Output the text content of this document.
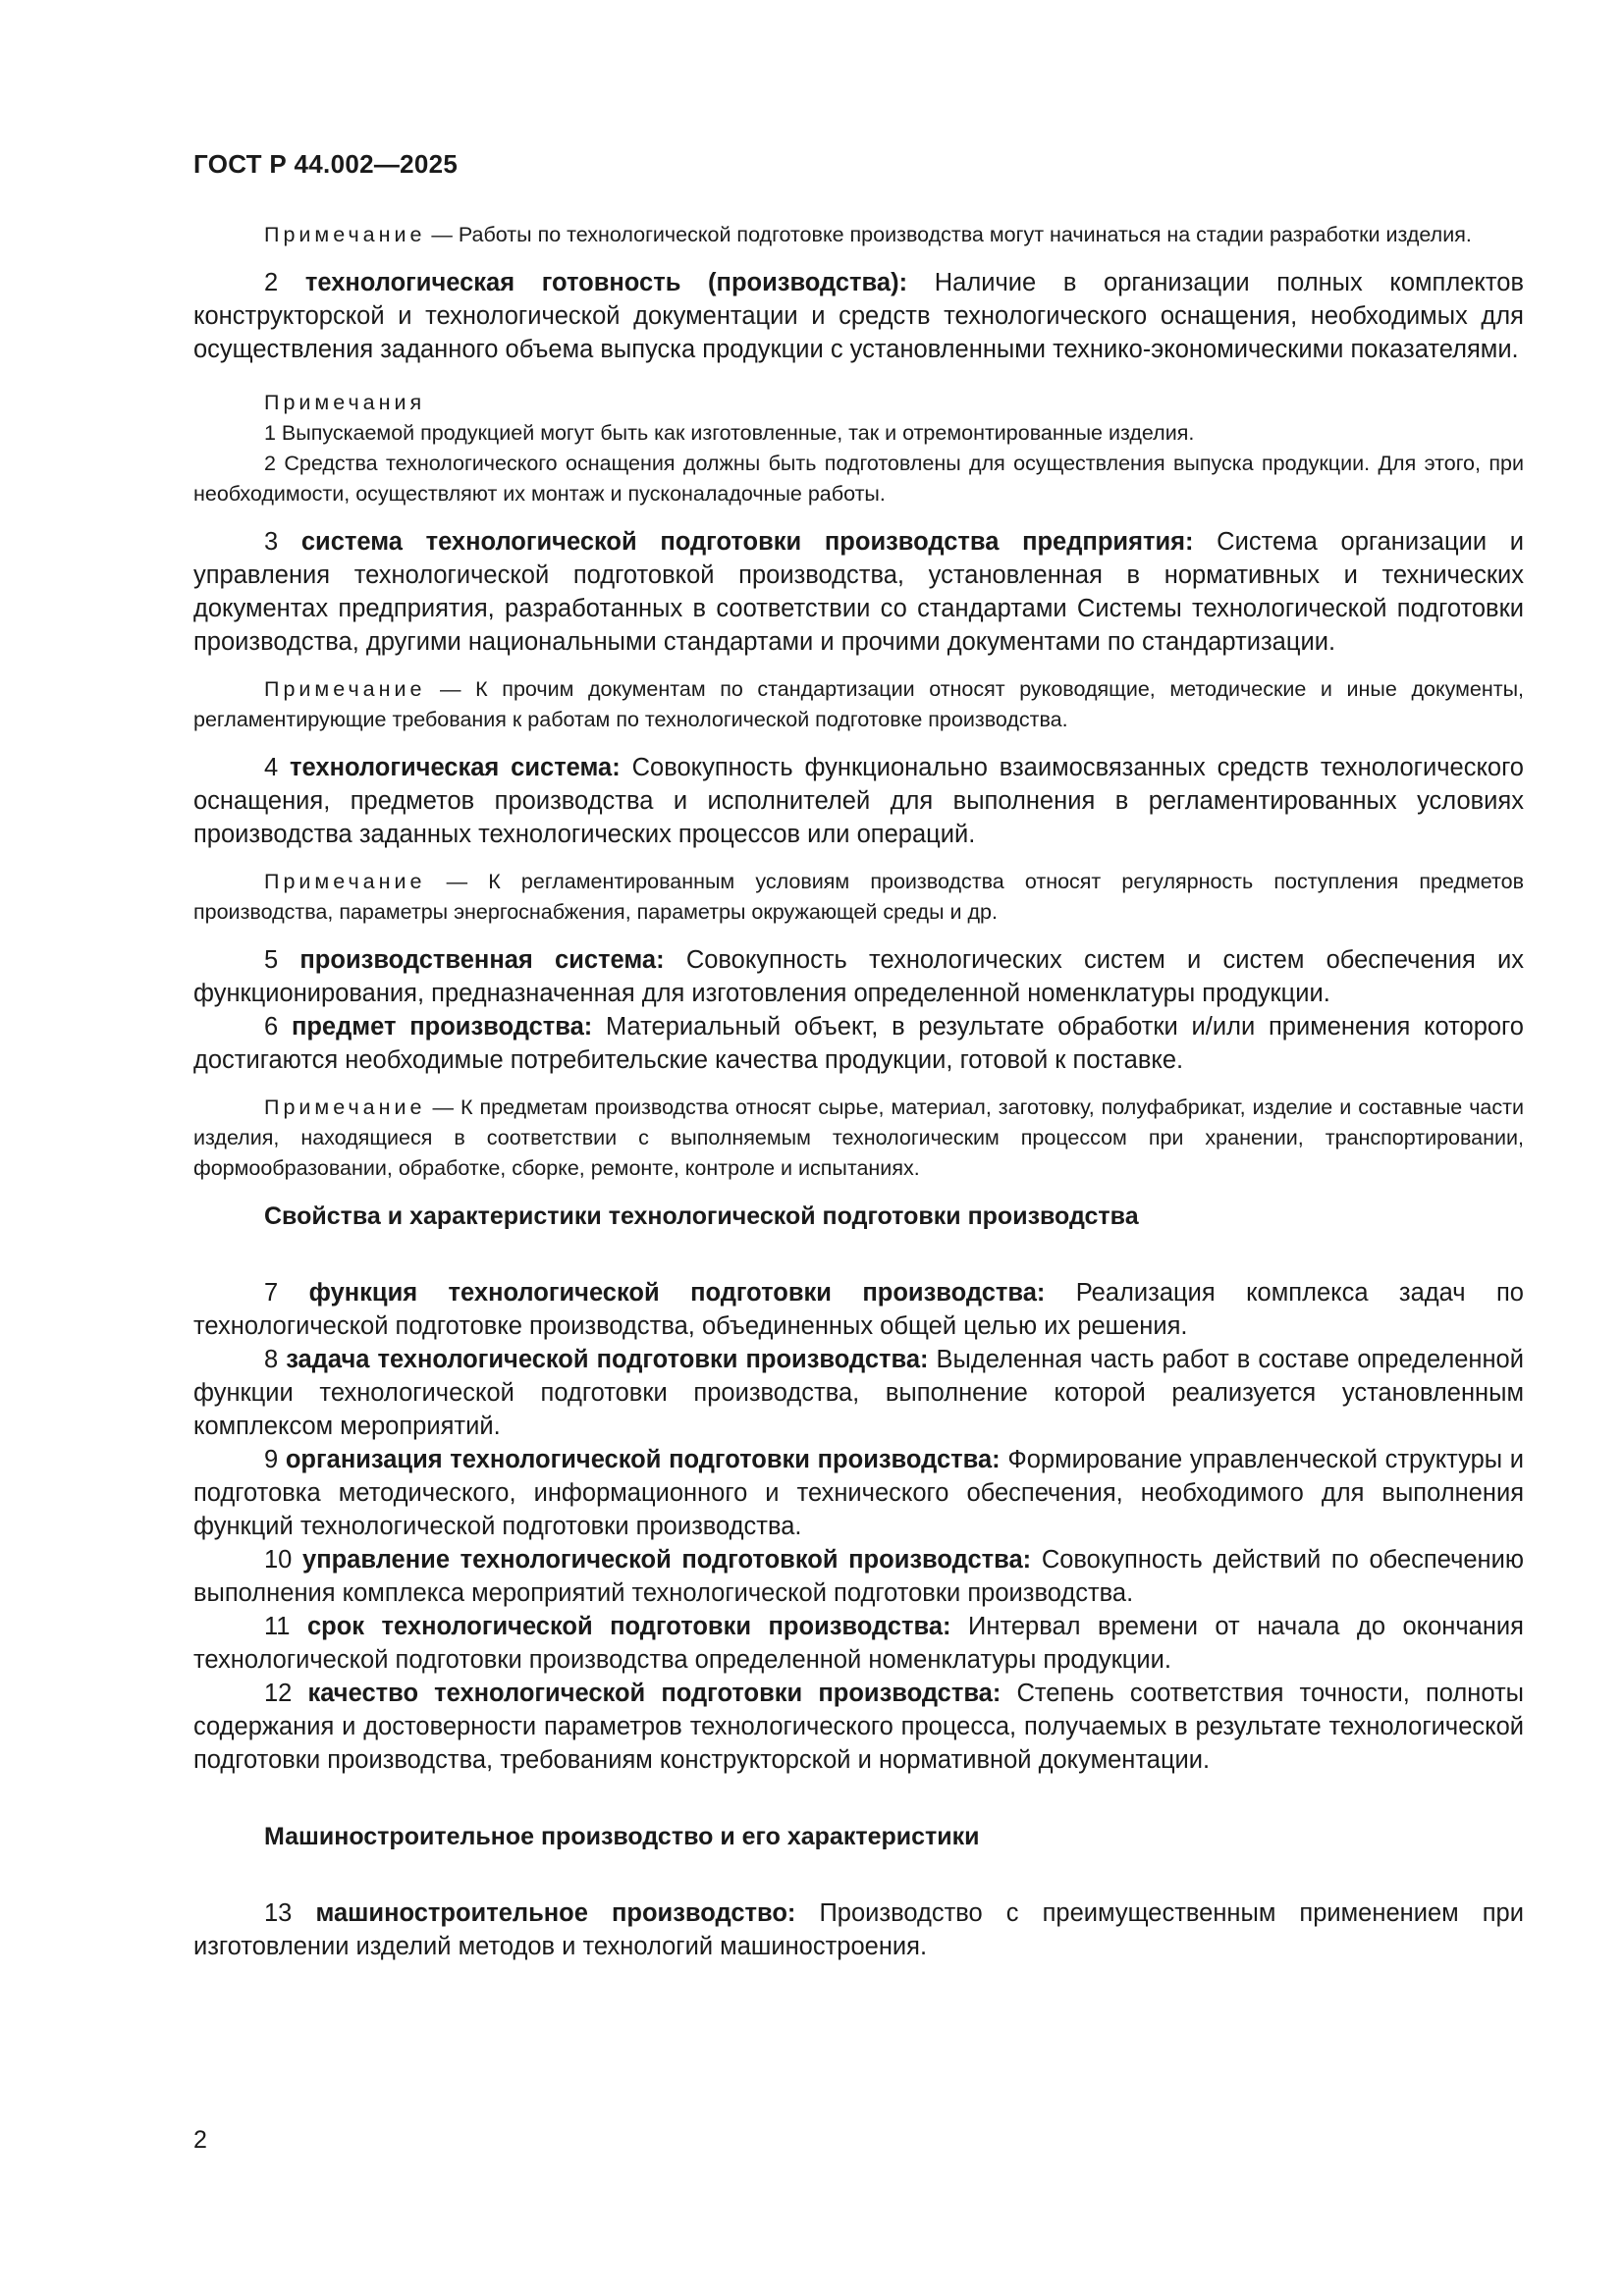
ГОСТ Р 44.002—2025

Примечание — Работы по технологической подготовке производства могут начинаться на стадии разработки изделия.

2 технологическая готовность (производства): Наличие в организации полных комплектов конструкторской и технологической документации и средств технологического оснащения, необходимых для осуществления заданного объема выпуска продукции с установленными технико-экономическими показателями.

Примечания

1 Выпускаемой продукцией могут быть как изготовленные, так и отремонтированные изделия.

2 Средства технологического оснащения должны быть подготовлены для осуществления выпуска продукции. Для этого, при необходимости, осуществляют их монтаж и пусконаладочные работы.

3 система технологической подготовки производства предприятия: Система организации и управления технологической подготовкой производства, установленная в нормативных и технических документах предприятия, разработанных в соответствии со стандартами Системы технологической подготовки производства, другими национальными стандартами и прочими документами по стандартизации.

Примечание — К прочим документам по стандартизации относят руководящие, методические и иные документы, регламентирующие требования к работам по технологической подготовке производства.

4 технологическая система: Совокупность функционально взаимосвязанных средств технологического оснащения, предметов производства и исполнителей для выполнения в регламентированных условиях производства заданных технологических процессов или операций.

Примечание — К регламентированным условиям производства относят регулярность поступления предметов производства, параметры энергоснабжения, параметры окружающей среды и др.

5 производственная система: Совокупность технологических систем и систем обеспечения их функционирования, предназначенная для изготовления определенной номенклатуры продукции.

6 предмет производства: Материальный объект, в результате обработки и/или применения которого достигаются необходимые потребительские качества продукции, готовой к поставке.

Примечание — К предметам производства относят сырье, материал, заготовку, полуфабрикат, изделие и составные части изделия, находящиеся в соответствии с выполняемым технологическим процессом при хранении, транспортировании, формообразовании, обработке, сборке, ремонте, контроле и испытаниях.

Свойства и характеристики технологической подготовки производства

7 функция технологической подготовки производства: Реализация комплекса задач по технологической подготовке производства, объединенных общей целью их решения.

8 задача технологической подготовки производства: Выделенная часть работ в составе определенной функции технологической подготовки производства, выполнение которой реализуется установленным комплексом мероприятий.

9 организация технологической подготовки производства: Формирование управленческой структуры и подготовка методического, информационного и технического обеспечения, необходимого для выполнения функций технологической подготовки производства.

10 управление технологической подготовкой производства: Совокупность действий по обеспечению выполнения комплекса мероприятий технологической подготовки производства.

11 срок технологической подготовки производства: Интервал времени от начала до окончания технологической подготовки производства определенной номенклатуры продукции.

12 качество технологической подготовки производства: Степень соответствия точности, полноты содержания и достоверности параметров технологического процесса, получаемых в результате технологической подготовки производства, требованиям конструкторской и нормативной документации.

Машиностроительное производство и его характеристики

13 машиностроительное производство: Производство с преимущественным применением при изготовлении изделий методов и технологий машиностроения.

2
